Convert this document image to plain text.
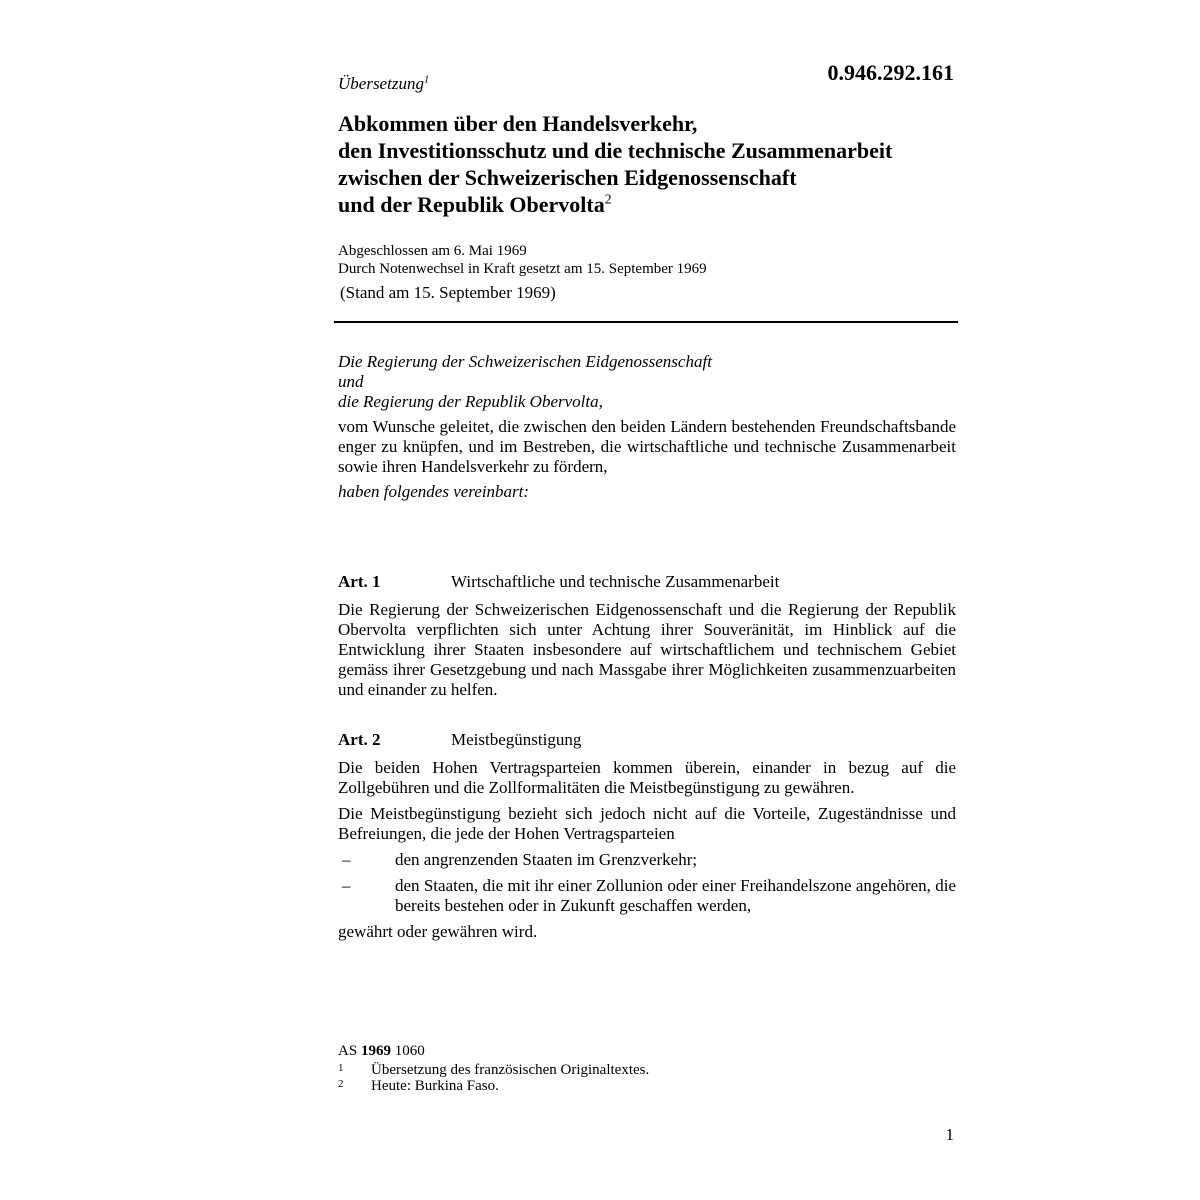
Übersetzung$^1$	0.946.292.161
Abkommen über den Handelsverkehr,
den Investitionsschutz und die technische Zusammenarbeit
zwischen der Schweizerischen Eidgenossenschaft
und der Republik Obervolta$^2$
Abgeschlossen am 6. Mai 1969
Durch Notenwechsel in Kraft gesetzt am 15. September 1969
(Stand am 15. September 1969)
Die Regierung der Schweizerischen Eidgenossenschaft
und
die Regierung der Republik Obervolta,
vom Wunsche geleitet, die zwischen den beiden Ländern bestehenden Freundschaftsbande enger zu knüpfen, und im Bestreben, die wirtschaftliche und technische Zusammenarbeit sowie ihren Handelsverkehr zu fördern,
haben folgendes vereinbart:
Art. 1	Wirtschaftliche und technische Zusammenarbeit

Die Regierung der Schweizerischen Eidgenossenschaft und die Regierung der Republik Obervolta verpflichten sich unter Achtung ihrer Souveränität, im Hinblick auf die Entwicklung ihrer Staaten insbesondere auf wirtschaftlichem und technischem Gebiet gemäss ihrer Gesetzgebung und nach Massgabe ihrer Möglichkeiten zusammenzuarbeiten und einander zu helfen.

Art. 2	Meistbegünstigung

Die beiden Hohen Vertragsparteien kommen überein, einander in bezug auf die Zollgebühren und die Zollformalitäten die Meistbegünstigung zu gewähren.

Die Meistbegünstigung bezieht sich jedoch nicht auf die Vorteile, Zugeständnisse und Befreiungen, die jede der Hohen Vertragsparteien

–	den angrenzenden Staaten im Grenzverkehr;
–	den Staaten, die mit ihr einer Zollunion oder einer Freihandelszone angehören, die bereits bestehen oder in Zukunft geschaffen werden,

gewährt oder gewähren wird.

AS 1969 1060
1 Übersetzung des französischen Originaltextes.
2 Heute: Burkina Faso.
1
